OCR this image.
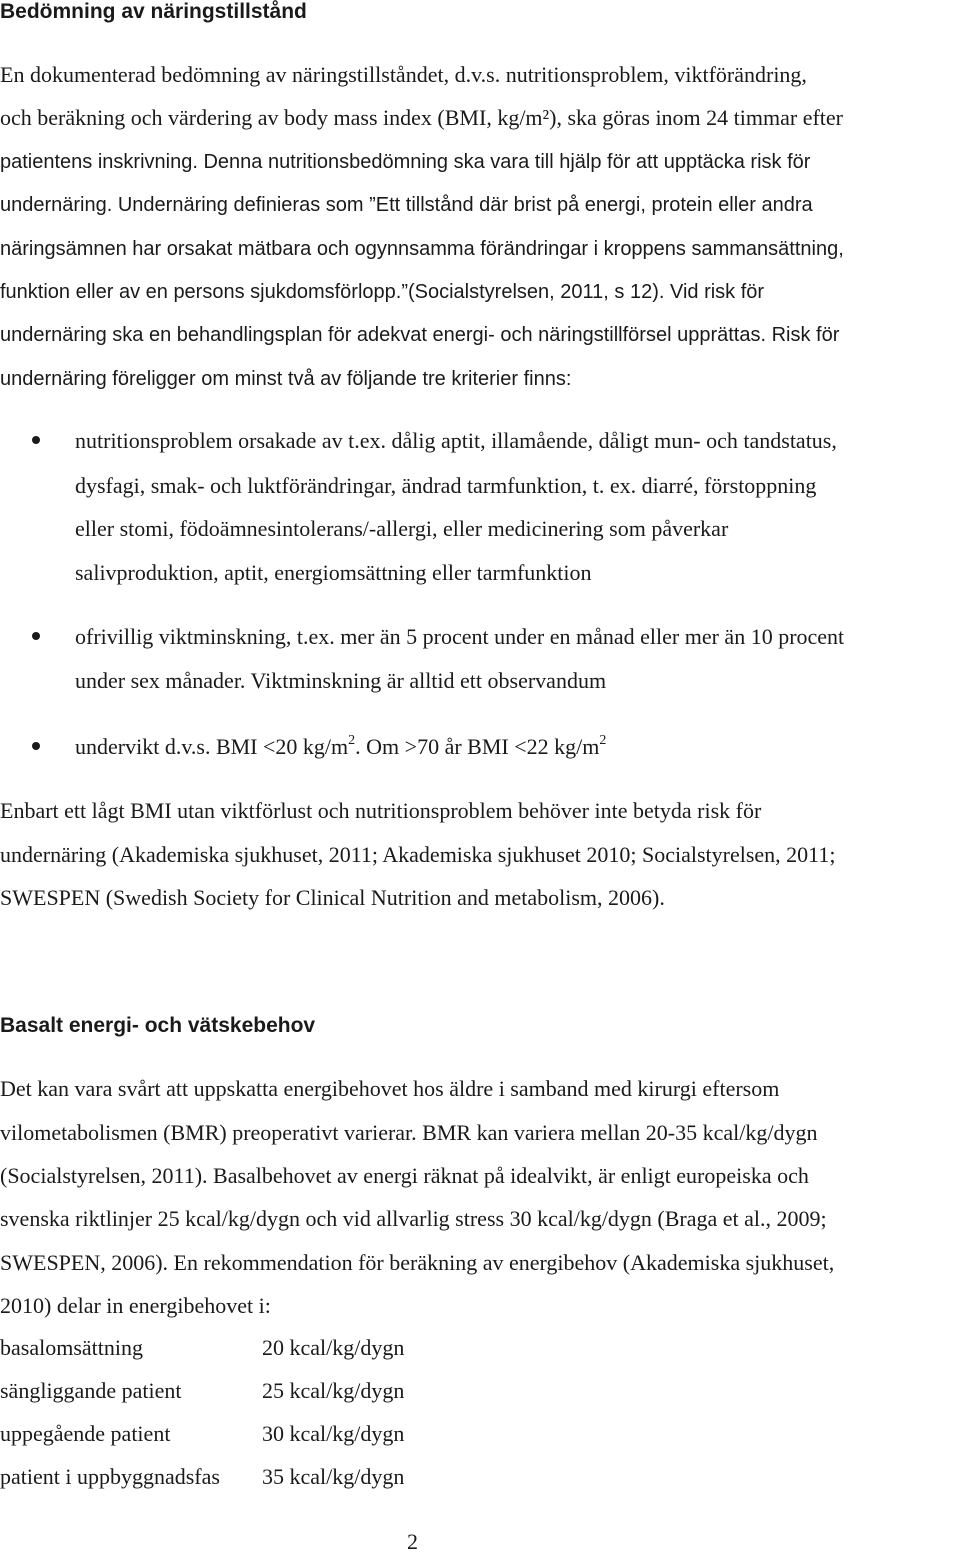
Bedömning av näringstillstånd

En dokumenterad bedömning av näringstillståndet, d.v.s. nutritionsproblem, viktförändring,

och beräkning och värdering av body mass index (BMI, kg/m²), ska göras inom 24 timmar efter

patientens inskrivning. Denna nutritionsbedömning ska vara till hjälp för att upptäcka risk för

undernäring. Undernäring definieras som ”Ett tillstånd där brist på energi, protein eller andra

näringsämnen har orsakat mätbara och ogynnsamma förändringar i kroppens sammansättning,

funktion eller av en persons sjukdomsförlopp.”(Socialstyrelsen, 2011, s 12). Vid risk för

undernäring ska en behandlingsplan för adekvat energi- och näringstillförsel upprättas. Risk för

undernäring föreligger om minst två av följande tre kriterier finns:

nutritionsproblem orsakade av t.ex. dålig aptit, illamående, dåligt mun- och tandstatus,

dysfagi, smak- och luktförändringar, ändrad tarmfunktion, t. ex. diarré, förstoppning

eller stomi, födoämnesintolerans/-allergi, eller medicinering som påverkar

salivproduktion, aptit, energiomsättning eller tarmfunktion

ofrivillig viktminskning, t.ex. mer än 5 procent under en månad eller mer än 10 procent

under sex månader. Viktminskning är alltid ett observandum

undervikt d.v.s. BMI <20 $kg/m^2$. Om >70 år BMI <22 $kg/m^2$

Enbart ett lågt BMI utan viktförlust och nutritionsproblem behöver inte betyda risk för

undernäring (Akademiska sjukhuset, 2011; Akademiska sjukhuset 2010; Socialstyrelsen, 2011;

SWESPEN (Swedish Society for Clinical Nutrition and metabolism, 2006).

Basalt energi- och vätskebehov

Det kan vara svårt att uppskatta energibehovet hos äldre i samband med kirurgi eftersom

vilometabolismen (BMR) preoperativt varierar. BMR kan variera mellan 20-35 kcal/kg/dygn

(Socialstyrelsen, 2011). Basalbehovet av energi räknat på idealvikt, är enligt europeiska och

svenska riktlinjer 25 kcal/kg/dygn och vid allvarlig stress 30 kcal/kg/dygn (Braga et al., 2009;

SWESPEN, 2006). En rekommendation för beräkning av energibehov (Akademiska sjukhuset,

2010) delar in energibehovet i:

basalomsättning	20 kcal/kg/dygn
sängliggande patient	25 kcal/kg/dygn
uppegående patient	30 kcal/kg/dygn
patient i uppbyggnadsfas 35 kcal/kg/dygn
2
